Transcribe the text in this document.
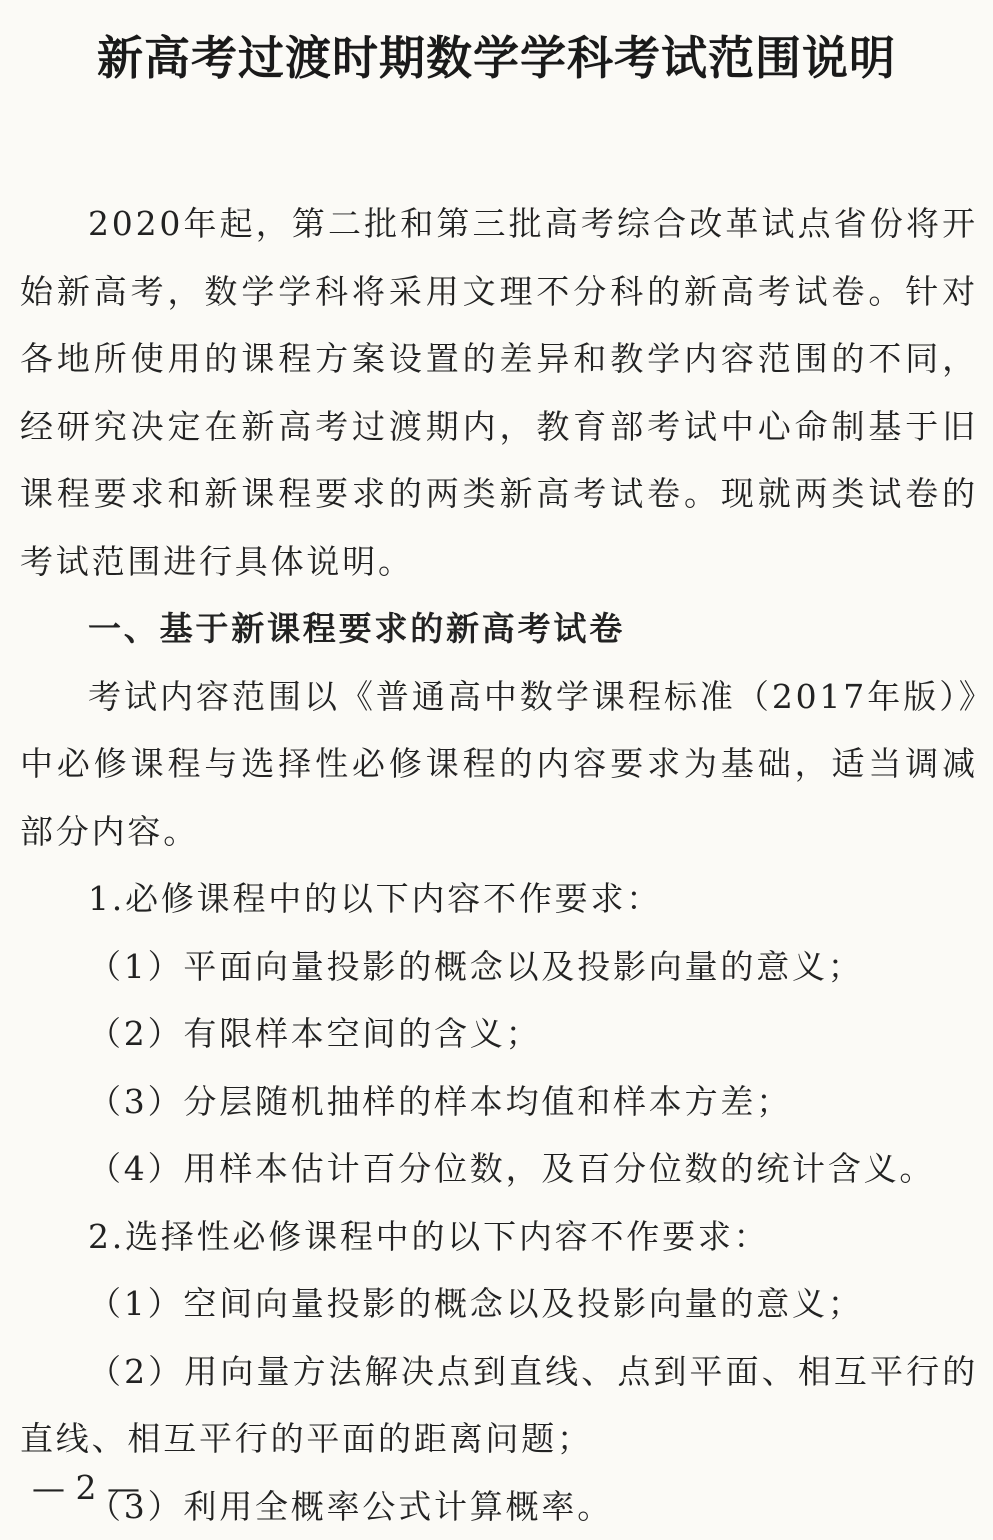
新高考过渡时期数学学科考试范围说明

2020年起，第二批和第三批高考综合改革试点省份将开始新高考，数学学科将采用文理不分科的新高考试卷。针对各地所使用的课程方案设置的差异和教学内容范围的不同，经研究决定在新高考过渡期内，教育部考试中心命制基于旧课程要求和新课程要求的两类新高考试卷。现就两类试卷的考试范围进行具体说明。

一、基于新课程要求的新高考试卷

考试内容范围以《普通高中数学课程标准（2017年版）》中必修课程与选择性必修课程的内容要求为基础，适当调减部分内容。

1.必修课程中的以下内容不作要求：

（1）平面向量投影的概念以及投影向量的意义；

（2）有限样本空间的含义；

（3）分层随机抽样的样本均值和样本方差；

（4）用样本估计百分位数，及百分位数的统计含义。

2.选择性必修课程中的以下内容不作要求：

（1）空间向量投影的概念以及投影向量的意义；

（2）用向量方法解决点到直线、点到平面、相互平行的直线、相互平行的平面的距离问题；

（3）利用全概率公式计算概率。

— 2 —
